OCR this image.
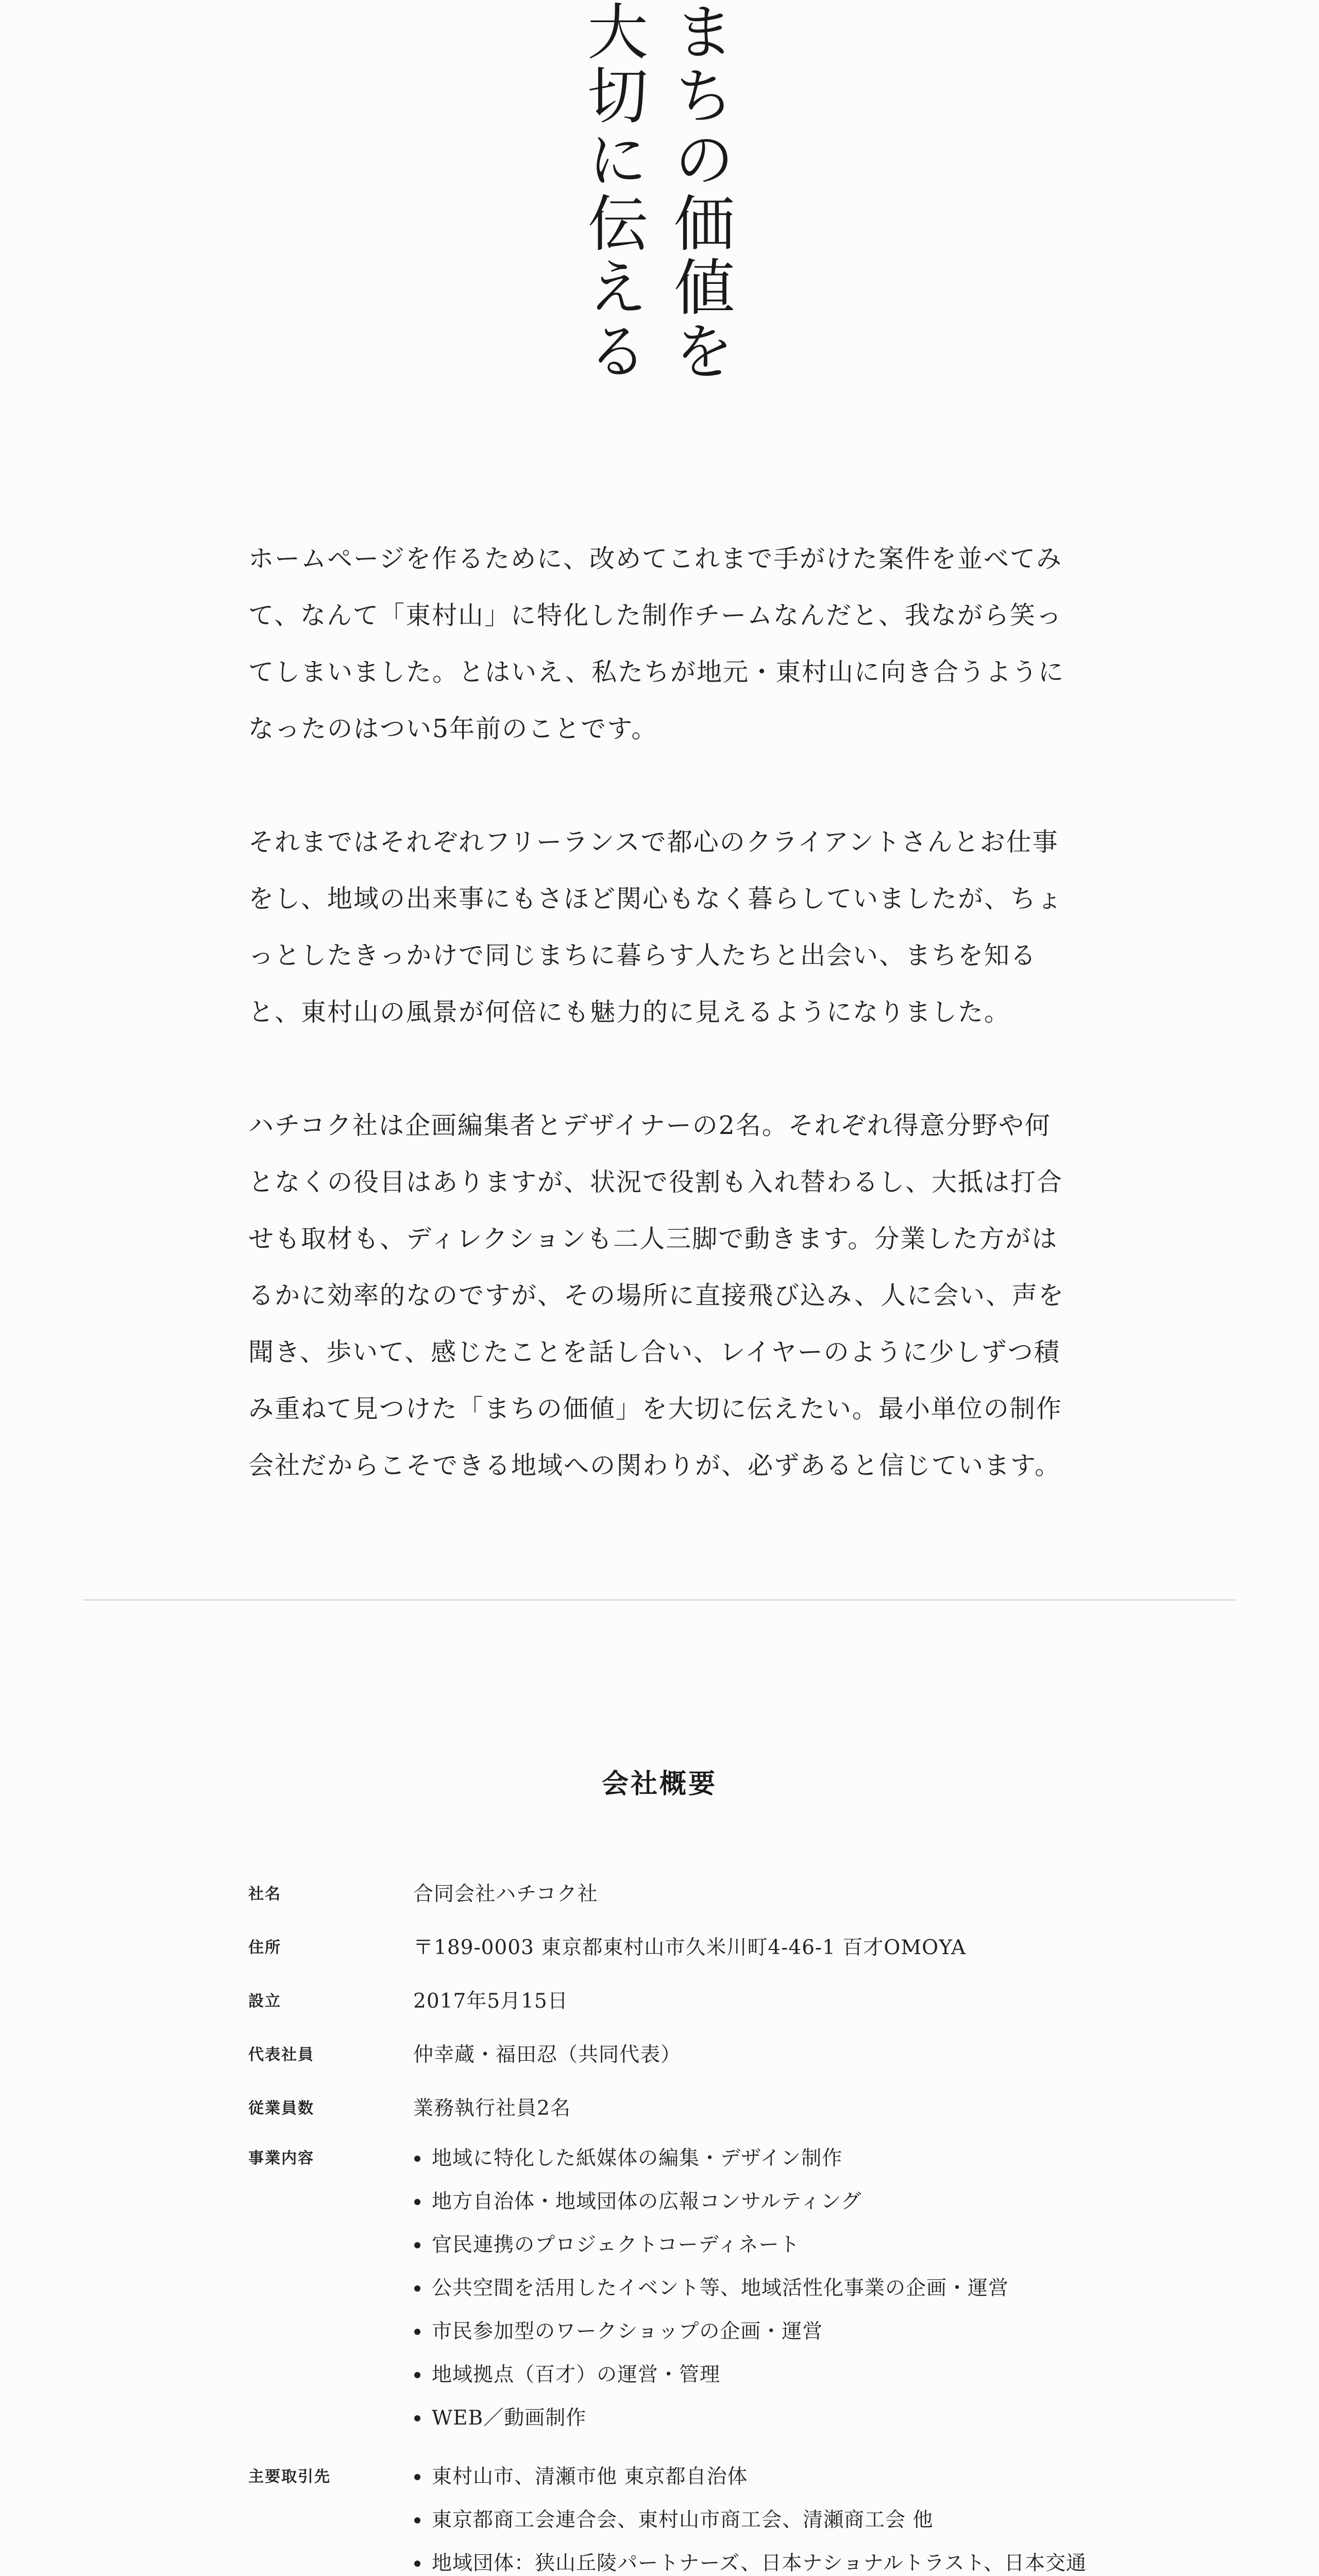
まちの価値を
大切に伝える

ホームページを作るために、改めてこれまで手がけた案件を並べてみて、なんて「東村山」に特化した制作チームなんだと、我ながら笑ってしまいました。とはいえ、私たちが地元・東村山に向き合うようになったのはつい5年前のことです。

それまではそれぞれフリーランスで都心のクライアントさんとお仕事をし、地域の出来事にもさほど関心もなく暮らしていましたが、ちょっとしたきっかけで同じまちに暮らす人たちと出会い、まちを知ると、東村山の風景が何倍にも魅力的に見えるようになりました。

ハチコク社は企画編集者とデザイナーの2名。それぞれ得意分野や何となくの役目はありますが、状況で役割も入れ替わるし、大抵は打合せも取材も、ディレクションも二人三脚で動きます。分業した方がはるかに効率的なのですが、その場所に直接飛び込み、人に会い、声を聞き、歩いて、感じたことを話し合い、レイヤーのように少しずつ積み重ねて見つけた「まちの価値」を大切に伝えたい。最小単位の制作会社だからこそできる地域への関わりが、必ずあると信じています。

会社概要
社名	合同会社ハチコク社
住所	〒189-0003 東京都東村山市久米川町4-46-1 百才OMOYA
設立	2017年5月15日
代表社員	仲幸蔵・福田忍（共同代表）
従業員数	業務執行社員2名
事業内容	地域に特化した紙媒体の編集・デザイン制作
地方自治体・地域団体の広報コンサルティング
官民連携のプロジェクトコーディネート
公共空間を活用したイベント等、地域活性化事業の企画・運営
市民参加型のワークショップの企画・運営
地域拠点（百才）の運営・管理
WEB／動画制作
主要取引先	東村山市、清瀬市他 東京都自治体
東京都商工会連合会、東村山市商工会、清瀬商工会 他
地域団体：狭山丘陵パートナーズ、日本ナショナルトラスト、日本交通
